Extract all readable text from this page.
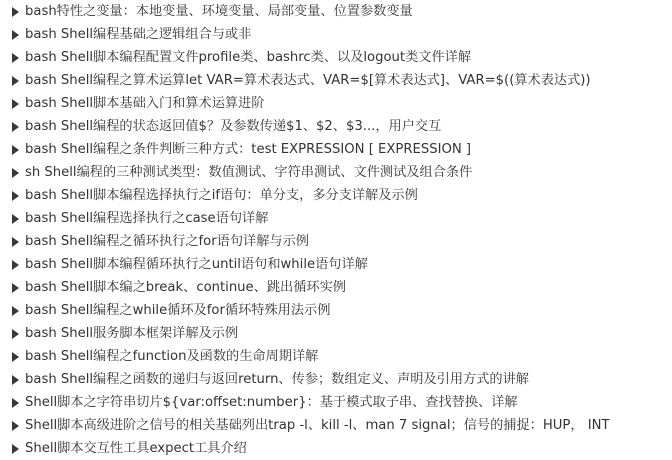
bash特性之变量：本地变量、环境变量、局部变量、位置参数变量
bash Shell编程基础之逻辑组合与或非
bash Shell脚本编程配置文件profile类、bashrc类、以及logout类文件详解
bash Shell编程之算术运算let VAR=算术表达式、VAR=$[算术表达式]、VAR=$((算术表达式))
bash Shell脚本基础入门和算术运算进阶
bash Shell编程的状态返回值$？及参数传递$1、$2、$3...，用户交互
bash Shell编程之条件判断三种方式：test EXPRESSION [ EXPRESSION ]
sh Shell编程的三种测试类型：数值测试、字符串测试、文件测试及组合条件
bash Shell脚本编程选择执行之if语句：单分支，多分支详解及示例
bash Shell编程选择执行之case语句详解
bash Shell编程之循环执行之for语句详解与示例
bash Shell脚本编程循环执行之until语句和while语句详解
bash Shell脚本编之break、continue、跳出循环实例
bash Shell编程之while循环及for循环特殊用法示例
bash Shell服务脚本框架详解及示例
bash Shell编程之function及函数的生命周期详解
bash Shell编程之函数的递归与返回return、传参；数组定义、声明及引用方式的讲解
Shell脚本之字符串切片${var:offset:number}：基于模式取子串、查找替换、详解
Shell脚本高级进阶之信号的相关基础列出trap -l、kill -l、man 7 signal；信号的捕捉：HUP， INT
Shell脚本交互性工具expect工具介绍
